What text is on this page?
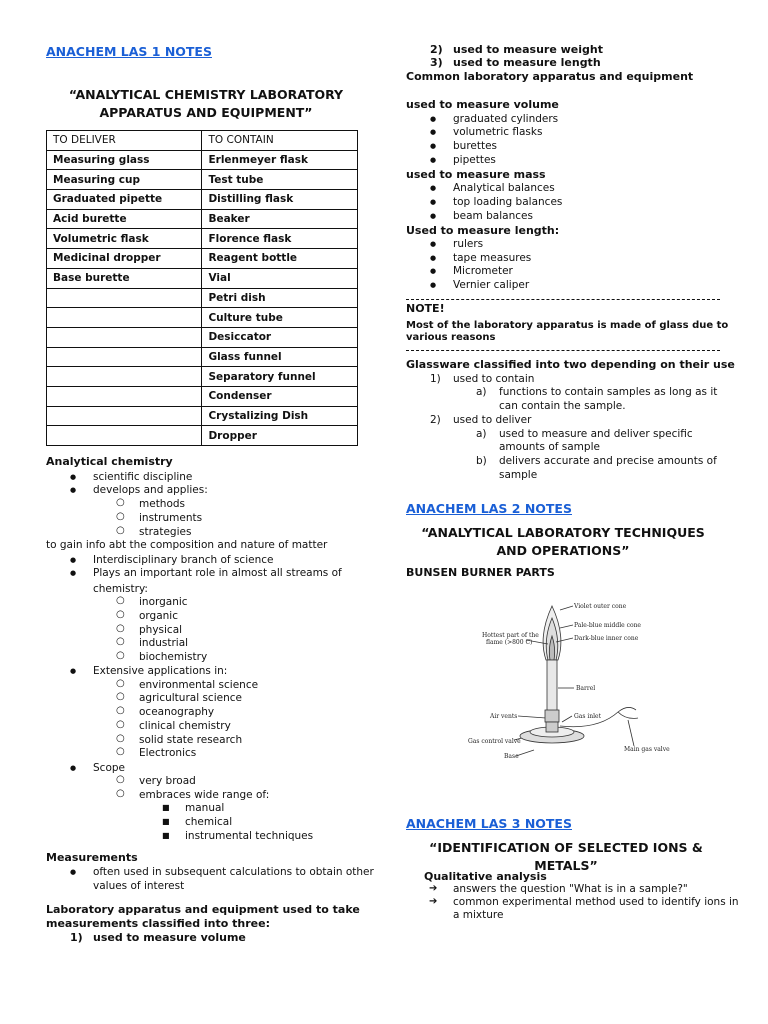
ANACHEM LAS 1 NOTES
“ANALYTICAL CHEMISTRY LABORATORY APPARATUS AND EQUIPMENT”
TO DELIVER	TO CONTAIN
Measuring glass	Erlenmeyer flask
Measuring cup	Test tube
Graduated pipette	Distilling flask
Acid burette	Beaker
Volumetric flask	Florence flask
Medicinal dropper	Reagent bottle
Base burette	Vial
	Petri dish
	Culture tube
	Desiccator
	Glass funnel
	Separatory funnel
	Condenser
	Crystalizing Dish
	Dropper
Analytical chemistry
● scientific discipline
● develops and applies:
○ methods
○ instruments
○ strategies
to gain info abt the composition and nature of matter
● Interdisciplinary branch of science
● Plays an important role in almost all streams of
chemistry:
○ inorganic
○ organic
○ physical
○ industrial
○ biochemistry
● Extensive applications in:
○ environmental science
○ agricultural science
○ oceanography
○ clinical chemistry
○ solid state research
○ Electronics
● Scope
○ very broad
○ embraces wide range of:
■ manual
■ chemical
■ instrumental techniques
Measurements
● often used in subsequent calculations to obtain other
values of interest
Laboratory apparatus and equipment used to take
measurements classified into three:
1) used to measure volume
2) used to measure weight
3) used to measure length
Common laboratory apparatus and equipment
used to measure volume
● graduated cylinders
● volumetric flasks
● burettes
● pipettes
used to measure mass
● Analytical balances
● top loading balances
● beam balances
Used to measure length:
● rulers
● tape measures
● Micrometer
● Vernier caliper
NOTE!
Most of the laboratory apparatus is made of glass due to
various reasons
Glassware classified into two depending on their use
1) used to contain
a) functions to contain samples as long as it
can contain the sample.
2) used to deliver
a) used to measure and deliver specific
amounts of sample
b) delivers accurate and precise amounts of
sample
ANACHEM LAS 2 NOTES
“ANALYTICAL LABORATORY TECHNIQUES AND OPERATIONS”
BUNSEN BURNER PARTS
ANACHEM LAS 3 NOTES
“IDENTIFICATION OF SELECTED IONS & METALS”
Qualitative analysis
➔ answers the question "What is in a sample?"
➔ common experimental method used to identify ions in
a mixture
Violet outer cone
Pale-blue middle cone
Dark-blue inner cone
Hottest part of the
flame (>800 C)
Barrel
Air vents	Gas inlet
Gas control valve
Main gas valve
Base
